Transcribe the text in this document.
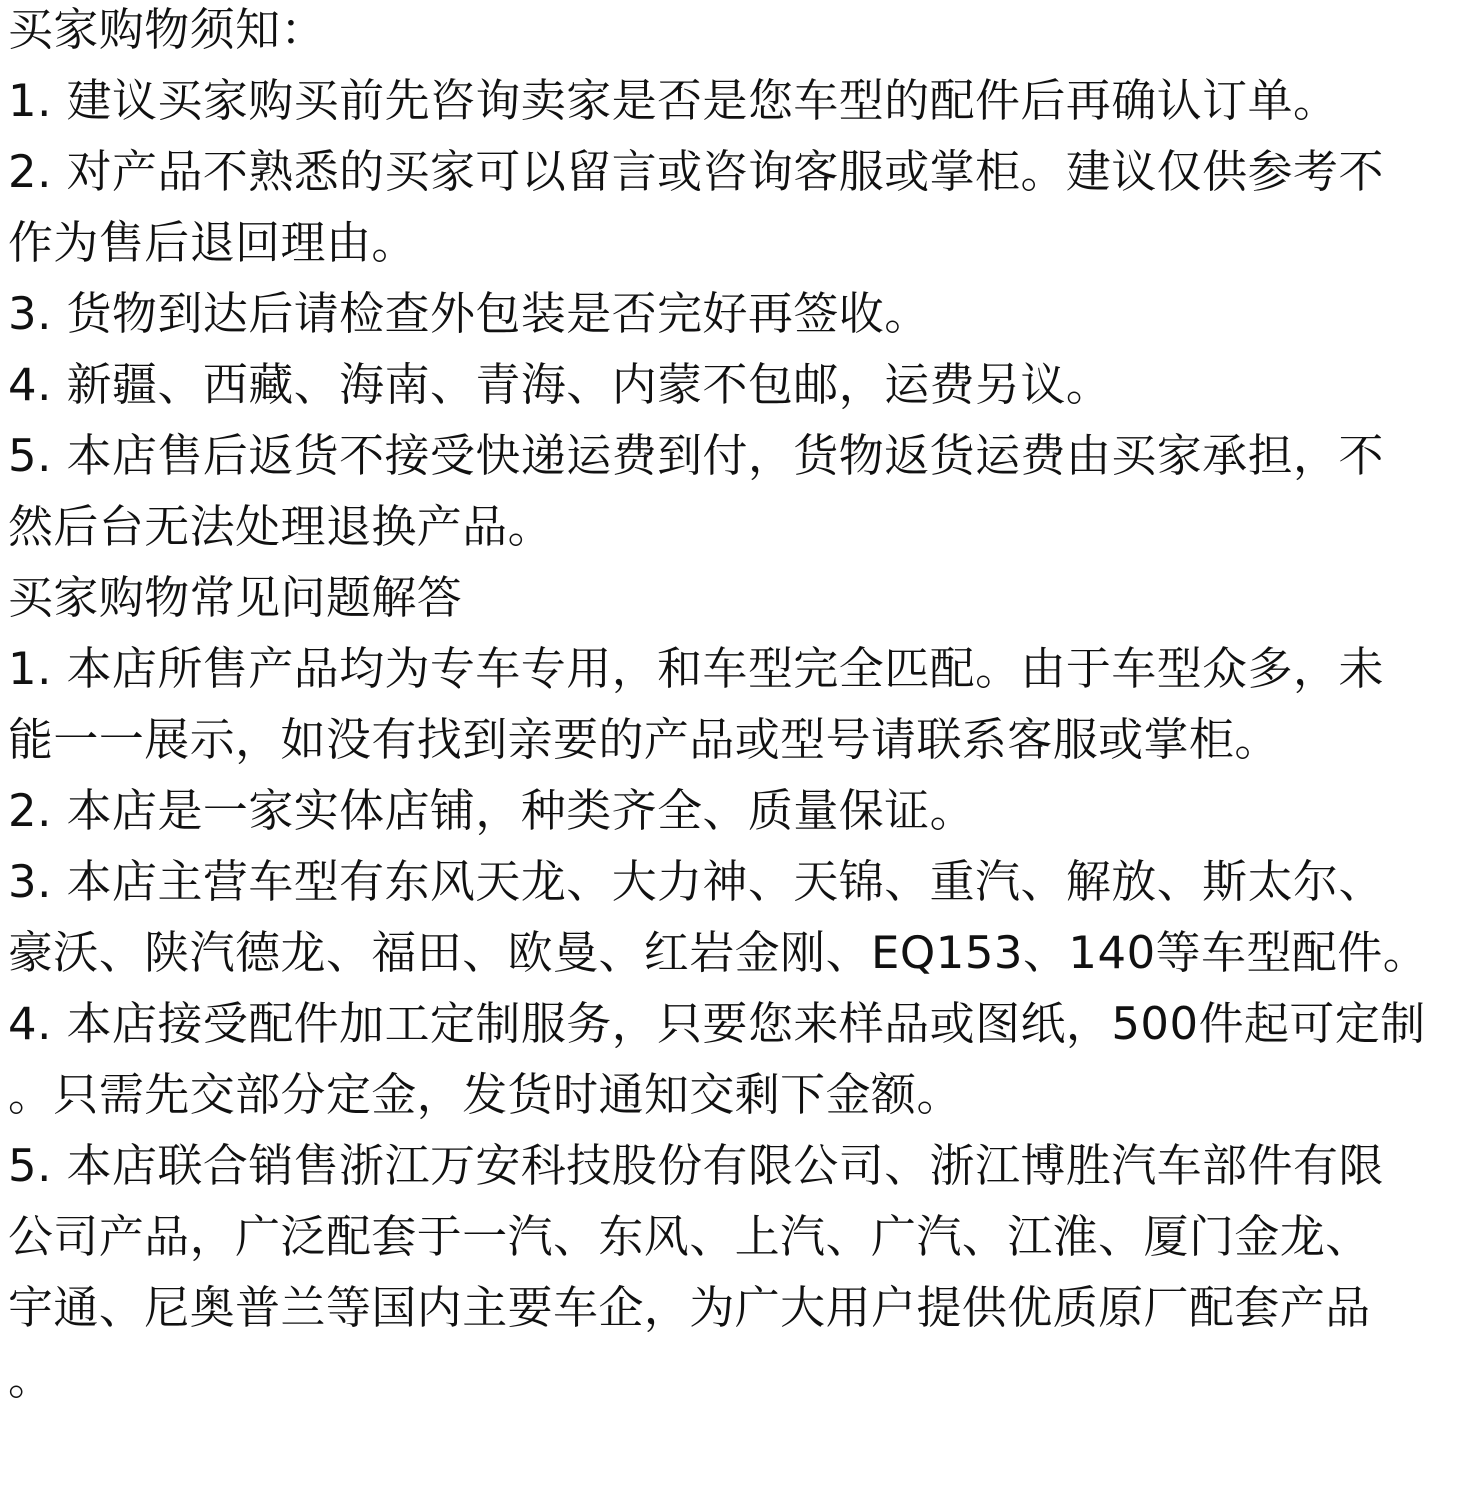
买家购物须知：
1. 建议买家购买前先咨询卖家是否是您车型的配件后再确认订单。
2. 对产品不熟悉的买家可以留言或咨询客服或掌柜。建议仅供参考不
作为售后退回理由。
3. 货物到达后请检查外包装是否完好再签收。
4. 新疆、西藏、海南、青海、内蒙不包邮，运费另议。
5. 本店售后返货不接受快递运费到付，货物返货运费由买家承担，不
然后台无法处理退换产品。
买家购物常见问题解答
1. 本店所售产品均为专车专用，和车型完全匹配。由于车型众多，未
能一一展示，如没有找到亲要的产品或型号请联系客服或掌柜。
2. 本店是一家实体店铺，种类齐全、质量保证。
3. 本店主营车型有东风天龙、大力神、天锦、重汽、解放、斯太尔、
豪沃、陕汽德龙、福田、欧曼、红岩金刚、EQ153、140等车型配件。
4. 本店接受配件加工定制服务，只要您来样品或图纸，500件起可定制
。只需先交部分定金，发货时通知交剩下金额。
5. 本店联合销售浙江万安科技股份有限公司、浙江博胜汽车部件有限
公司产品，广泛配套于一汽、东风、上汽、广汽、江淮、厦门金龙、
宇通、尼奥普兰等国内主要车企，为广大用户提供优质原厂配套产品
。
